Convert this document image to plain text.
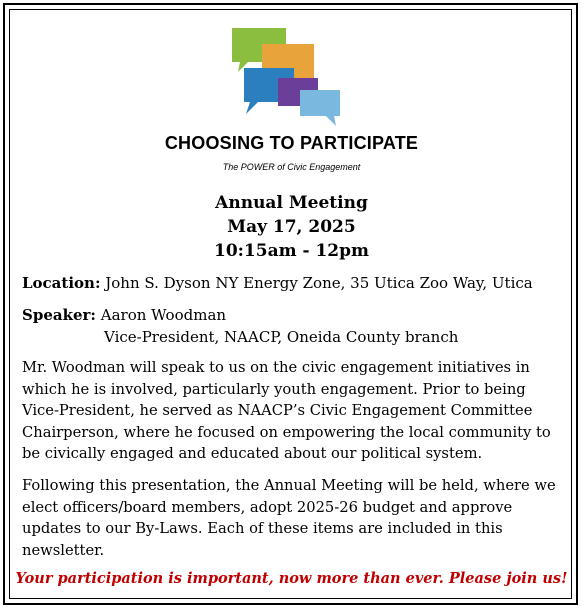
CHOOSING TO PARTICIPATE
The POWER of Civic Engagement
Annual Meeting
May 17, 2025
10:15am - 12pm
Location: John S. Dyson NY Energy Zone, 35 Utica Zoo Way, Utica
Speaker: Aaron Woodman
Vice-President, NAACP, Oneida County branch

Mr. Woodman will speak to us on the civic engagement initiatives in which he is involved, particularly youth engagement. Prior to being Vice-President, he served as NAACP’s Civic Engagement Committee Chairperson, where he focused on empowering the local community to be civically engaged and educated about our political system.

Following this presentation, the Annual Meeting will be held, where we elect officers/board members, adopt 2025-26 budget and approve updates to our By-Laws. Each of these items are included in this newsletter.

Your participation is important, now more than ever. Please join us!
